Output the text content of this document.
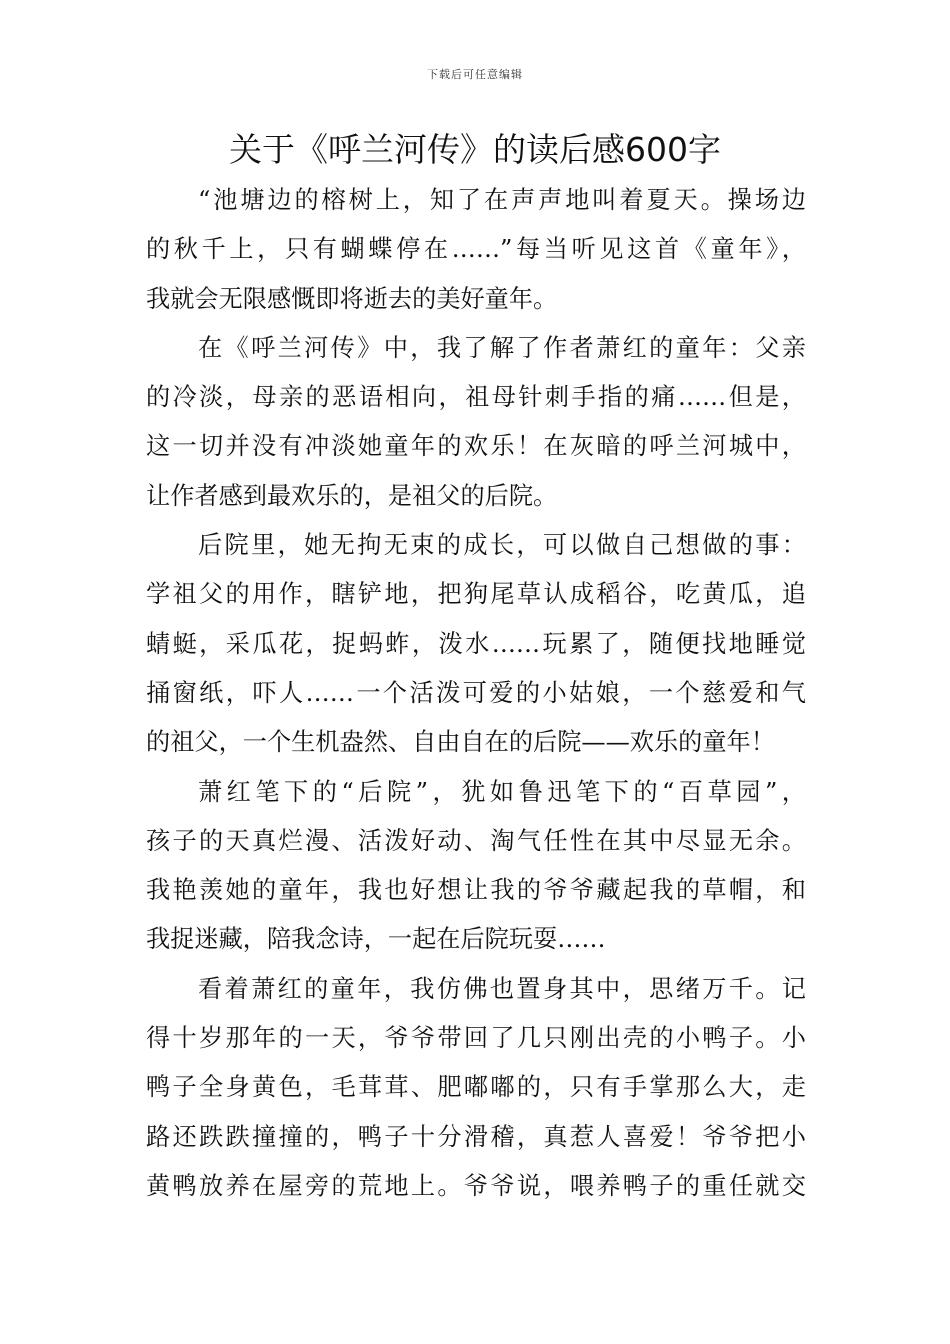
下载后可任意编辑
关于《呼兰河传》的读后感600字
“池塘边的榕树上，知了在声声地叫着夏天。操场边
的秋千上，只有蝴蝶停在……”每当听见这首《童年》，
我就会无限感慨即将逝去的美好童年。
在《呼兰河传》中，我了解了作者萧红的童年：父亲
的冷淡，母亲的恶语相向，祖母针刺手指的痛……但是，
这一切并没有冲淡她童年的欢乐！在灰暗的呼兰河城中，
让作者感到最欢乐的，是祖父的后院。
后院里，她无拘无束的成长，可以做自己想做的事：
学祖父的用作，瞎铲地，把狗尾草认成稻谷，吃黄瓜，追
蜻蜓，采瓜花，捉蚂蚱，泼水……玩累了，随便找地睡觉
捅窗纸，吓人……一个活泼可爱的小姑娘，一个慈爱和气
的祖父，一个生机盎然、自由自在的后院——欢乐的童年！
萧红笔下的“后院”，犹如鲁迅笔下的“百草园”，
孩子的天真烂漫、活泼好动、淘气任性在其中尽显无余。
我艳羡她的童年，我也好想让我的爷爷藏起我的草帽，和
我捉迷藏，陪我念诗，一起在后院玩耍……
看着萧红的童年，我仿佛也置身其中，思绪万千。记
得十岁那年的一天，爷爷带回了几只刚出壳的小鸭子。小
鸭子全身黄色，毛茸茸、肥嘟嘟的，只有手掌那么大，走
路还跌跌撞撞的，鸭子十分滑稽，真惹人喜爱！爷爷把小
黄鸭放养在屋旁的荒地上。爷爷说，喂养鸭子的重任就交
